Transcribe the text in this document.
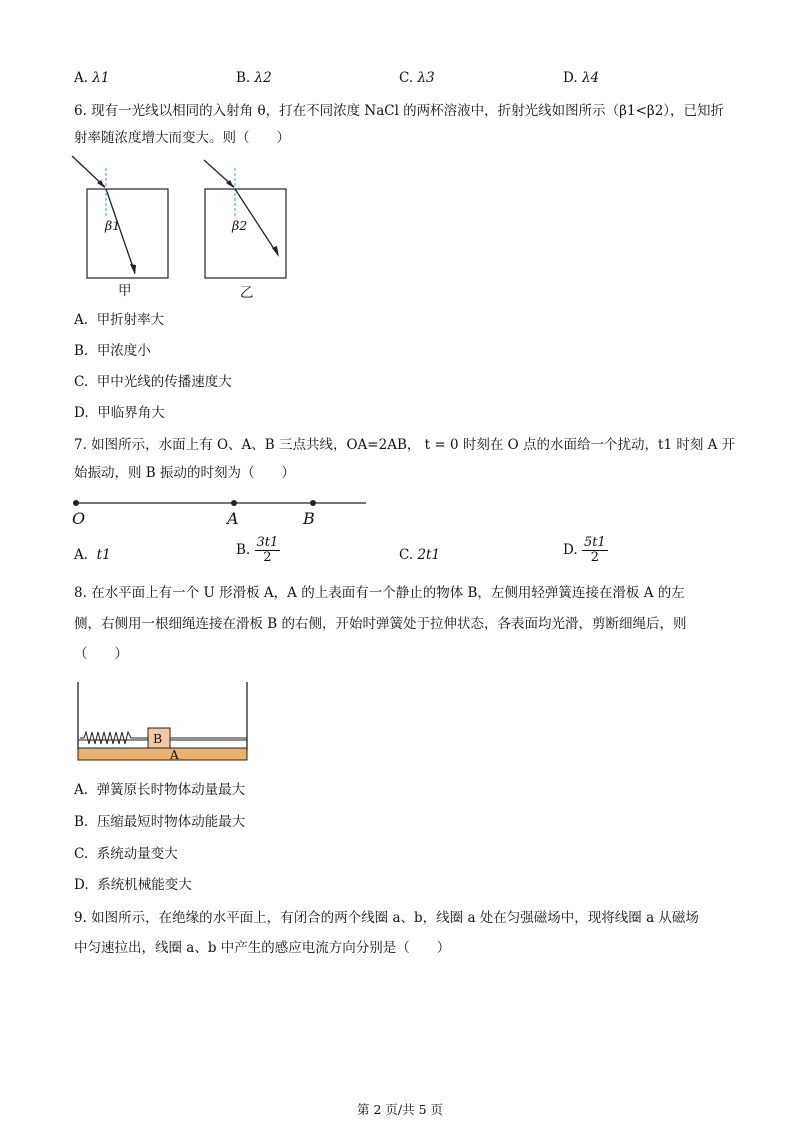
A. λ1	B. λ2	C. λ3	D. λ4
6. 现有一光线以相同的入射角 θ，打在不同浓度 NaCl 的两杯溶液中，折射光线如图所示（β1<β2），已知折
射率随浓度增大而变大。则（　　）
β1
甲
β2
乙
A. 甲折射率大
B. 甲浓度小
C. 甲中光线的传播速度大
D. 甲临界角大
7. 如图所示，水面上有 O、A、B 三点共线，OA=2AB， t = 0 时刻在 O 点的水面给一个扰动，t1 时刻 A 开
始振动，则 B 振动的时刻为（　　）
O	A	B
A. t1	B. $\frac{3t1}{2}$	C. 2t1	D. $\frac{5t1}{2}$
8. 在水平面上有一个 U 形滑板 A，A 的上表面有一个静止的物体 B，左侧用轻弹簧连接在滑板 A 的左
侧，右侧用一根细绳连接在滑板 B 的右侧，开始时弹簧处于拉伸状态，各表面均光滑，剪断细绳后，则
（　　）
B
A
A. 弹簧原长时物体动量最大
B. 压缩最短时物体动能最大
C. 系统动量变大
D. 系统机械能变大
9. 如图所示，在绝缘的水平面上，有闭合的两个线圈 a、b，线圈 a 处在匀强磁场中，现将线圈 a 从磁场
中匀速拉出，线圈 a、b 中产生的感应电流方向分别是（　　）
第 2 页/共 5 页
